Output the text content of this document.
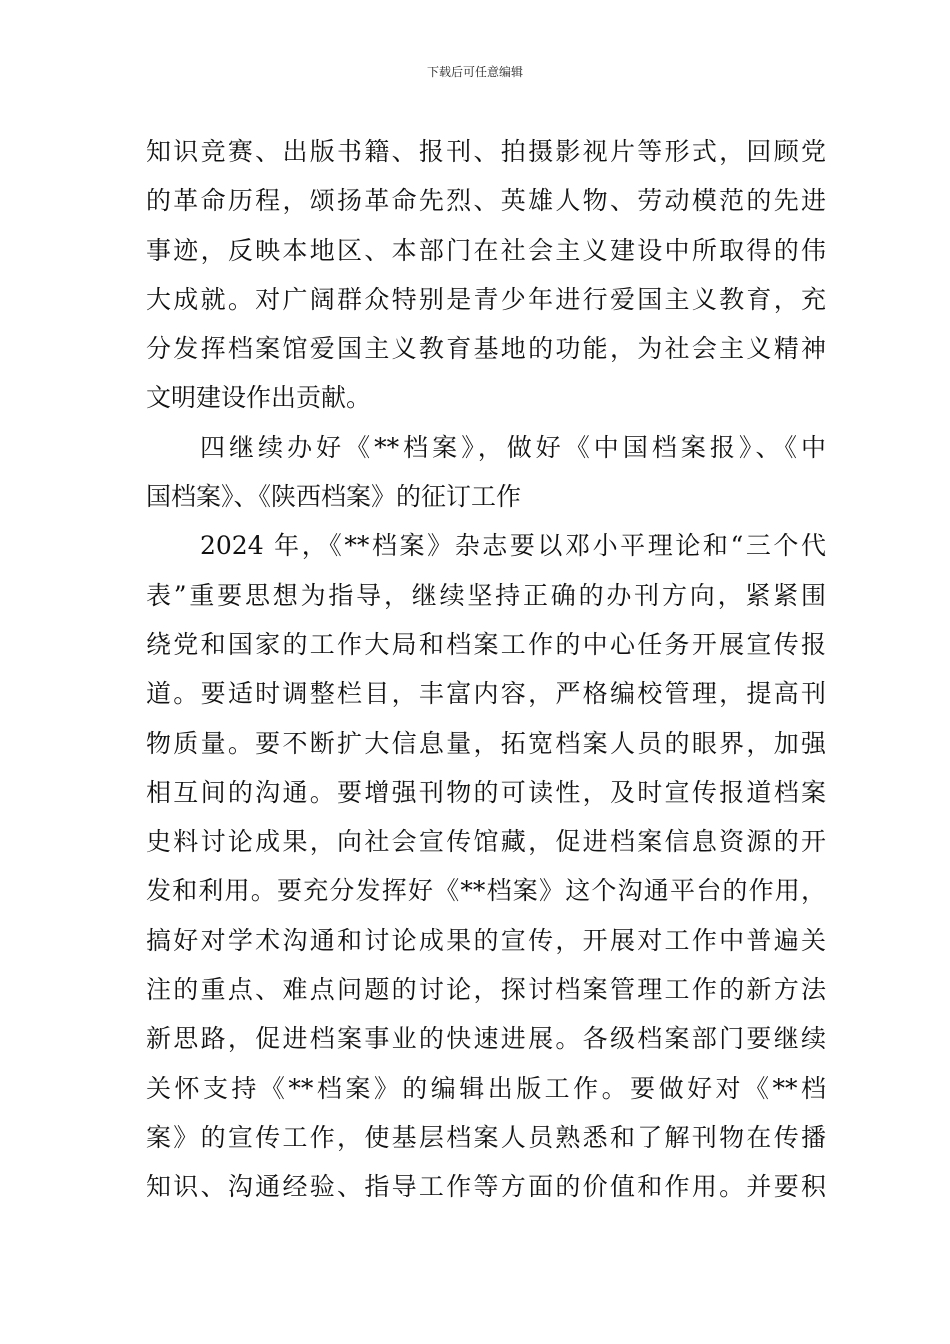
下载后可任意编辑
知识竞赛、出版书籍、报刊、拍摄影视片等形式，回顾党
的革命历程，颂扬革命先烈、英雄人物、劳动模范的先进
事迹，反映本地区、本部门在社会主义建设中所取得的伟
大成就。对广阔群众特别是青少年进行爱国主义教育，充
分发挥档案馆爱国主义教育基地的功能，为社会主义精神
文明建设作出贡献。
四继续办好《**档案》，做好《中国档案报》、《中
国档案》、《陕西档案》的征订工作
2024 年，《**档案》杂志要以邓小平理论和“三个代
表”重要思想为指导，继续坚持正确的办刊方向，紧紧围
绕党和国家的工作大局和档案工作的中心任务开展宣传报
道。要适时调整栏目，丰富内容，严格编校管理，提高刊
物质量。要不断扩大信息量，拓宽档案人员的眼界，加强
相互间的沟通。要增强刊物的可读性，及时宣传报道档案
史料讨论成果，向社会宣传馆藏，促进档案信息资源的开
发和利用。要充分发挥好《**档案》这个沟通平台的作用，
搞好对学术沟通和讨论成果的宣传，开展对工作中普遍关
注的重点、难点问题的讨论，探讨档案管理工作的新方法
新思路，促进档案事业的快速进展。各级档案部门要继续
关怀支持《**档案》的编辑出版工作。要做好对《**档
案》的宣传工作，使基层档案人员熟悉和了解刊物在传播
知识、沟通经验、指导工作等方面的价值和作用。并要积
